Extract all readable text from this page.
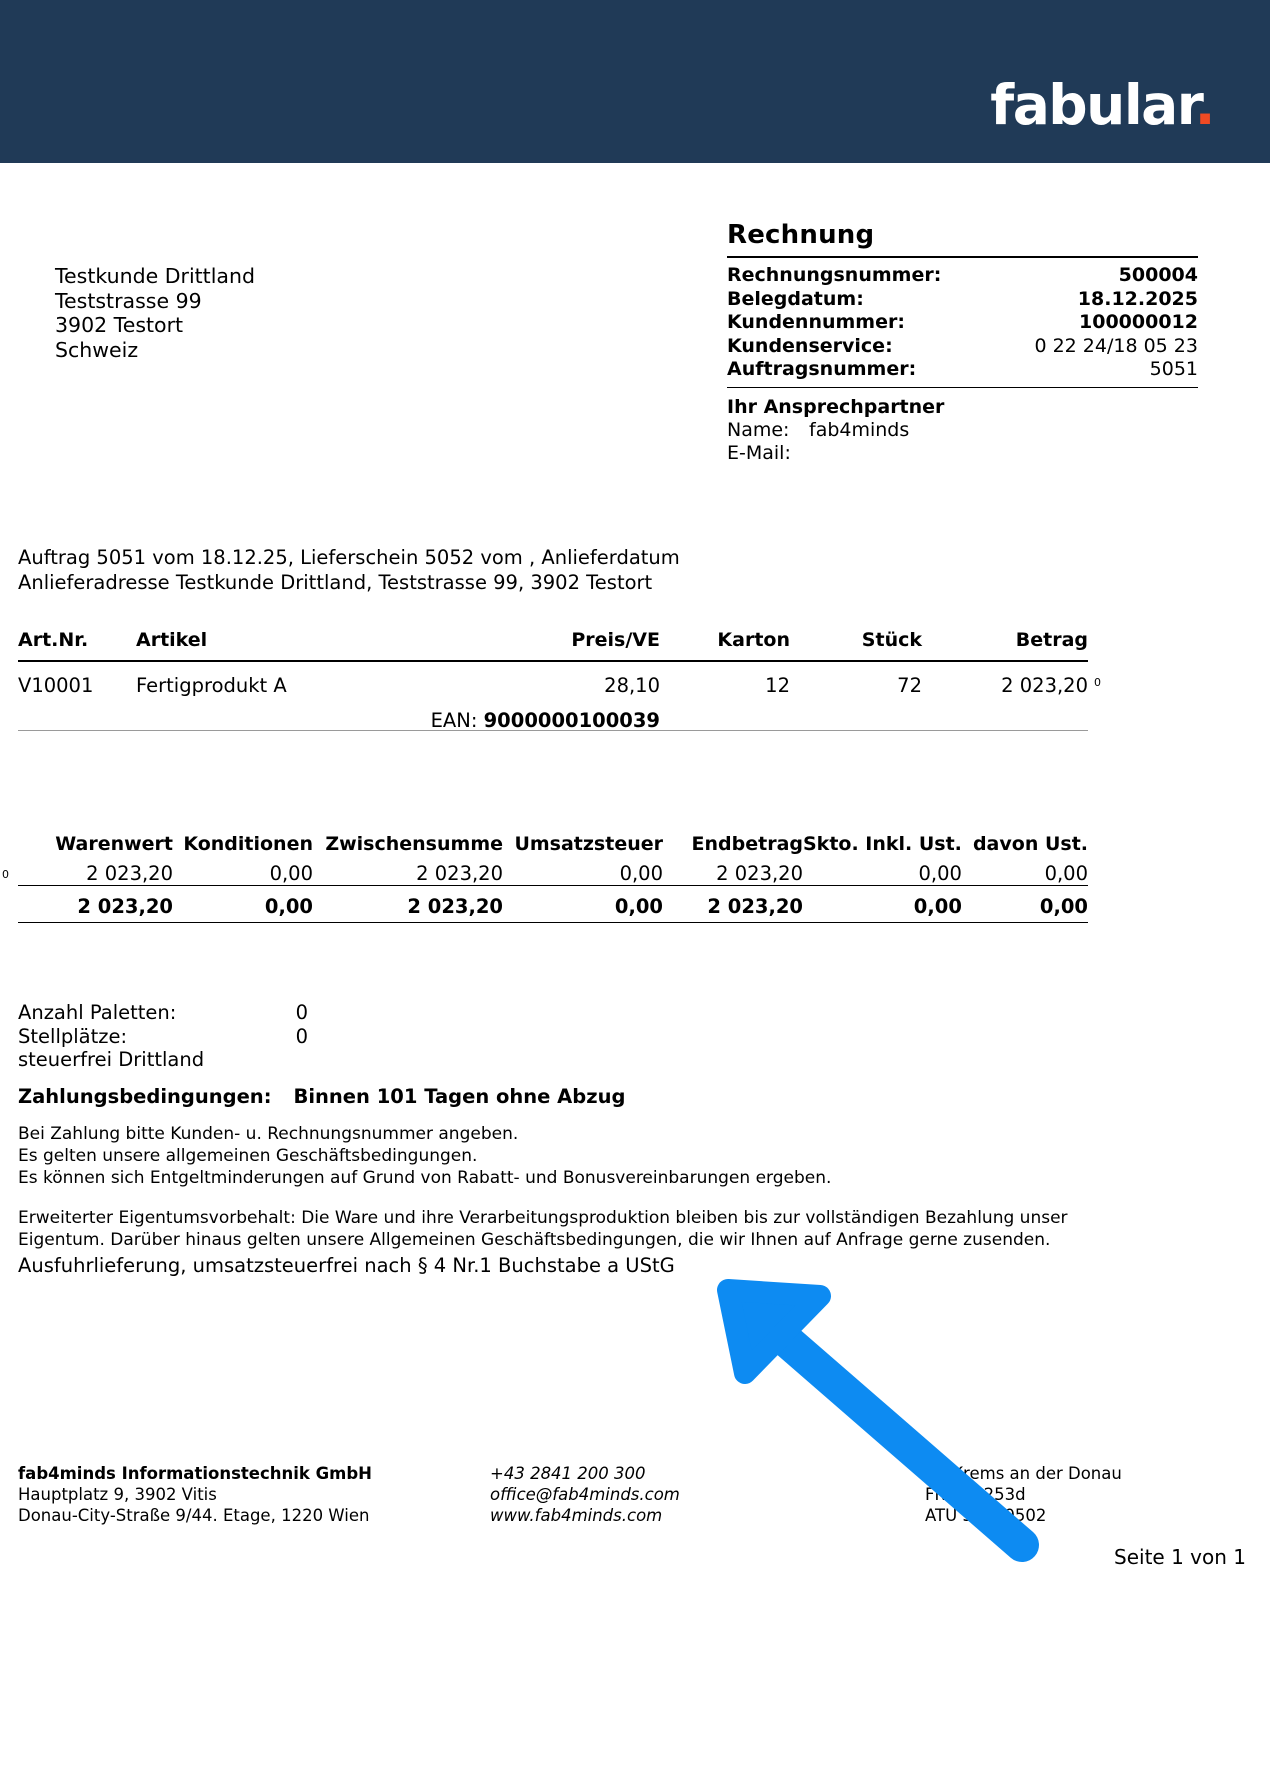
fabular.
Testkunde Drittland
Teststrasse 99
3902 Testort
Schweiz
Rechnung
Rechnungsnummer:	500004
Belegdatum:	18.12.2025
Kundennummer:	100000012
Kundenservice:	0 22 24/18 05 23
Auftragsnummer:	5051
Ihr Ansprechpartner
Name: fab4minds
E-Mail:
Auftrag 5051 vom 18.12.25, Lieferschein 5052 vom , Anlieferdatum
Anlieferadresse Testkunde Drittland, Teststrasse 99, 3902 Testort
Art.Nr.	Artikel	Preis/VE	Karton	Stück	Betrag

V10001	Fertigprodukt A	28,10	12	72	2 023,20
	EAN: 9000000100039				
0
0
Warenwert	Konditionen	Zwischensumme	Umsatzsteuer	Endbetrag	Skto. Inkl. Ust.	davon Ust.
2 023,20	0,00	2 023,20	0,00	2 023,20	0,00	0,00

2 023,20	0,00	2 023,20	0,00	2 023,20	0,00	0,00

Anzahl Paletten:	0
Stellplätze:	0
steuerfrei Drittland
Zahlungsbedingungen: Binnen 101 Tagen ohne Abzug
Bei Zahlung bitte Kunden- u. Rechnungsnummer angeben.
Es gelten unsere allgemeinen Geschäftsbedingungen.
Es können sich Entgeltminderungen auf Grund von Rabatt- und Bonusvereinbarungen ergeben.
Erweiterter Eigentumsvorbehalt: Die Ware und ihre Verarbeitungsproduktion bleiben bis zur vollständigen Bezahlung unser
Eigentum. Darüber hinaus gelten unsere Allgemeinen Geschäftsbedingungen, die wir Ihnen auf Anfrage gerne zusenden.
Ausfuhrlieferung, umsatzsteuerfrei nach § 4 Nr.1 Buchstabe a UStG
fab4minds Informationstechnik GmbH
Hauptplatz 9, 3902 Vitis
Donau-City-Straße 9/44. Etage, 1220 Wien
+43 2841 200 300
office@fab4minds.com
www.fab4minds.com
LG Krems an der Donau
FN 214253d
ATU 52780502
Seite 1 von 1
